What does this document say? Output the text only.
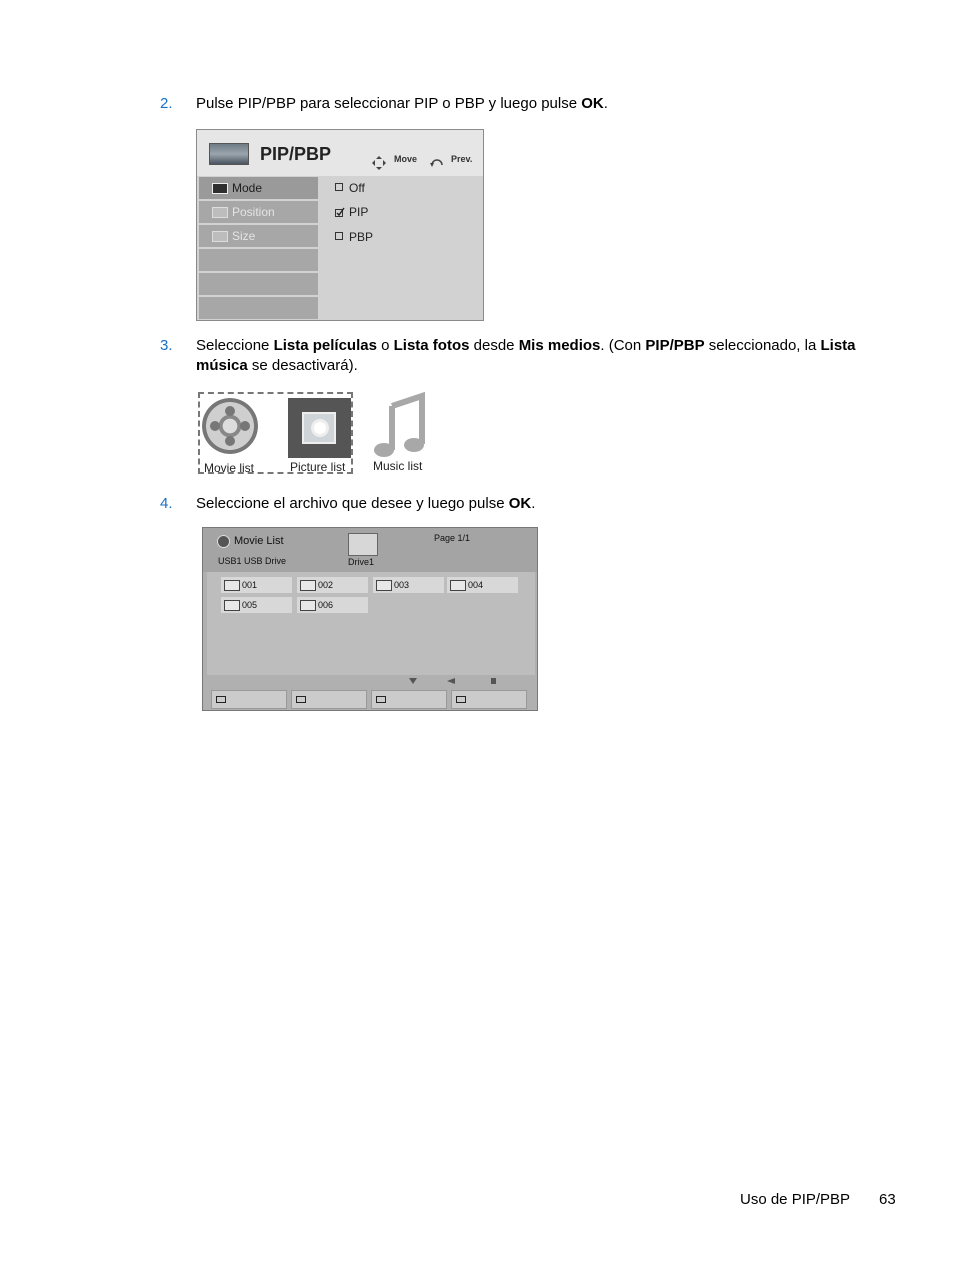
2. Pulse PIP/PBP para seleccionar PIP o PBP y luego pulse OK.
PIP/PBP	Move	Prev.
Mode
Position
Size
Off
PIP
PBP
3. Seleccione Lista películas o Lista fotos desde Mis medios. (Con PIP/PBP seleccionado, la Lista música se desactivará).
Movie list	Picture list Music list
4. Seleccione el archivo que desee y luego pulse OK.
Movie List
USB1 USB Drive	Drive1
Page 1/1
001	002	003	004
005	006
Uso de PIP/PBP 63
